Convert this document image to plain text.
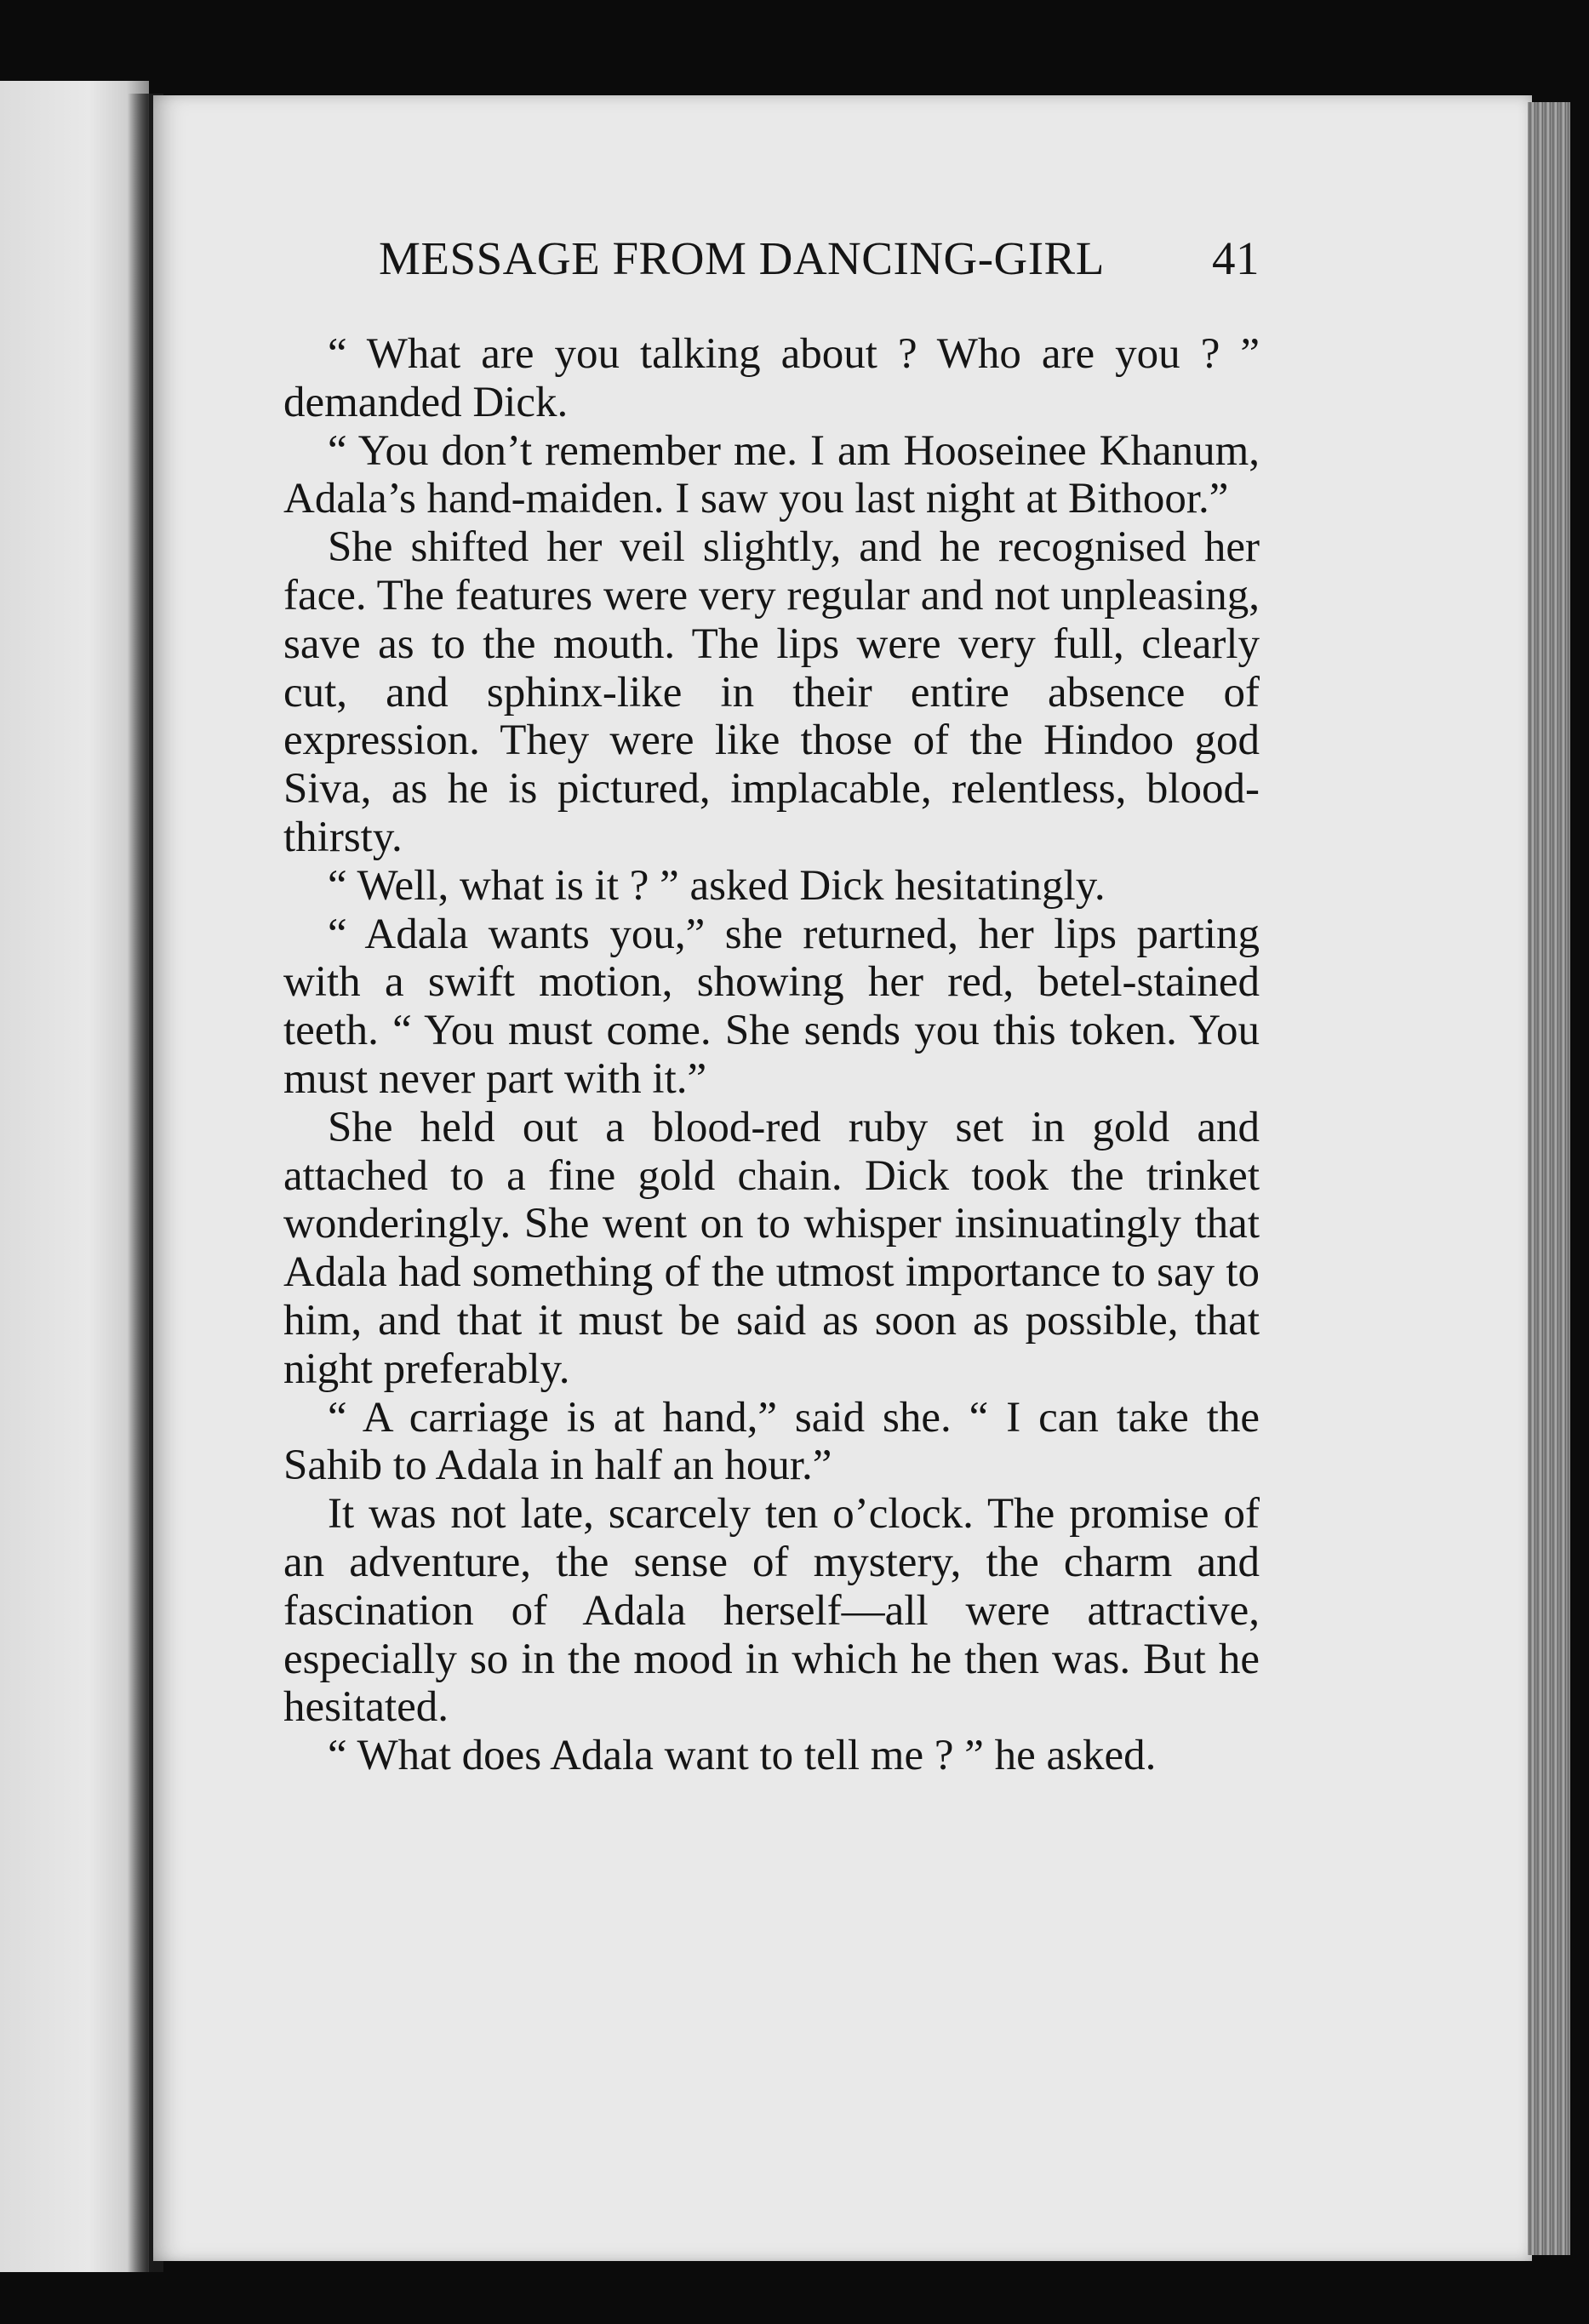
MESSAGE FROM DANCING-GIRL 41

“ What are you talking about ? Who are you ? ” demanded Dick.

“ You don’t remember me. I am Hooseinee Khanum, Adala’s hand-maiden. I saw you last night at Bithoor.”

She shifted her veil slightly, and he recognised her face. The features were very regular and not unpleasing, save as to the mouth. The lips were very full, clearly cut, and sphinx-like in their entire absence of expression. They were like those of the Hindoo god Siva, as he is pictured, implacable, relentless, blood-thirsty.

“ Well, what is it ? ” asked Dick hesitatingly.

“ Adala wants you,” she returned, her lips parting with a swift motion, showing her red, betel-stained teeth. “ You must come. She sends you this token. You must never part with it.”

She held out a blood-red ruby set in gold and attached to a fine gold chain. Dick took the trinket wonderingly. She went on to whisper insinuatingly that Adala had something of the utmost importance to say to him, and that it must be said as soon as possible, that night preferably.

“ A carriage is at hand,” said she. “ I can take the Sahib to Adala in half an hour.”

It was not late, scarcely ten o’clock. The promise of an adventure, the sense of mystery, the charm and fascination of Adala herself—all were attractive, especially so in the mood in which he then was. But he hesitated.

“ What does Adala want to tell me ? ” he asked.
